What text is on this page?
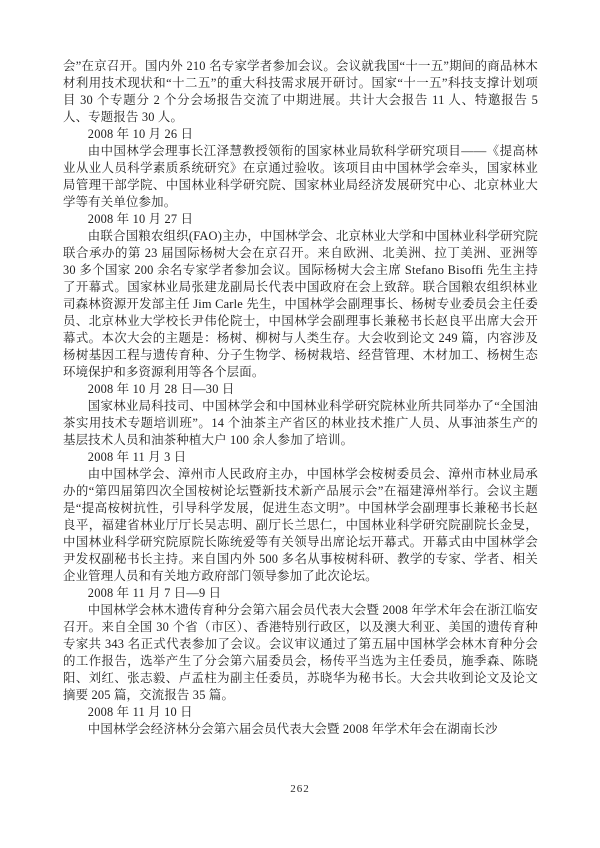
会”在京召开。国内外 210 名专家学者参加会议。会议就我国“十一五”期间的商品林木材利用技术现状和“十二五”的重大科技需求展开研讨。国家“十一五”科技支撑计划项目 30 个专题分 2 个分会场报告交流了中期进展。共计大会报告 11 人、特邀报告 5 人、专题报告 30 人。

2008 年 10 月 26 日

由中国林学会理事长江泽慧教授领衔的国家林业局软科学研究项目——《提高林业从业人员科学素质系统研究》在京通过验收。该项目由中国林学会牵头，国家林业局管理干部学院、中国林业科学研究院、国家林业局经济发展研究中心、北京林业大学等有关单位参加。

2008 年 10 月 27 日

由联合国粮农组织(FAO)主办，中国林学会、北京林业大学和中国林业科学研究院联合承办的第 23 届国际杨树大会在京召开。来自欧洲、北美洲、拉丁美洲、亚洲等 30 多个国家 200 余名专家学者参加会议。国际杨树大会主席 Stefano Bisoffi 先生主持了开幕式。国家林业局张建龙副局长代表中国政府在会上致辞。联合国粮农组织林业司森林资源开发部主任 Jim Carle 先生，中国林学会副理事长、杨树专业委员会主任委员、北京林业大学校长尹伟伦院士，中国林学会副理事长兼秘书长赵良平出席大会开幕式。本次大会的主题是：杨树、柳树与人类生存。大会收到论文 249 篇，内容涉及杨树基因工程与遗传育种、分子生物学、杨树栽培、经营管理、木材加工、杨树生态环境保护和多资源利用等各个层面。

2008 年 10 月 28 日—30 日

国家林业局科技司、中国林学会和中国林业科学研究院林业所共同举办了“全国油茶实用技术专题培训班”。14 个油茶主产省区的林业技术推广人员、从事油茶生产的基层技术人员和油茶种植大户 100 余人参加了培训。

2008 年 11 月 3 日

由中国林学会、漳州市人民政府主办，中国林学会桉树委员会、漳州市林业局承办的“第四届第四次全国桉树论坛暨新技术新产品展示会”在福建漳州举行。会议主题是“提高桉树抗性，引导科学发展，促进生态文明”。中国林学会副理事长兼秘书长赵良平，福建省林业厅厅长吴志明、副厅长兰思仁，中国林业科学研究院副院长金旻，中国林业科学研究院原院长陈统爱等有关领导出席论坛开幕式。开幕式由中国林学会尹发权副秘书长主持。来自国内外 500 多名从事桉树科研、教学的专家、学者、相关企业管理人员和有关地方政府部门领导参加了此次论坛。

2008 年 11 月 7 日—9 日

中国林学会林木遗传育种分会第六届会员代表大会暨 2008 年学术年会在浙江临安召开。来自全国 30 个省（市区）、香港特别行政区，以及澳大利亚、美国的遗传育种专家共 343 名正式代表参加了会议。会议审议通过了第五届中国林学会林木育种分会的工作报告，选举产生了分会第六届委员会，杨传平当选为主任委员，施季森、陈晓阳、刘红、张志毅、卢孟柱为副主任委员，苏晓华为秘书长。大会共收到论文及论文摘要 205 篇，交流报告 35 篇。

2008 年 11 月 10 日

中国林学会经济林分会第六届会员代表大会暨 2008 年学术年会在湖南长沙

262
